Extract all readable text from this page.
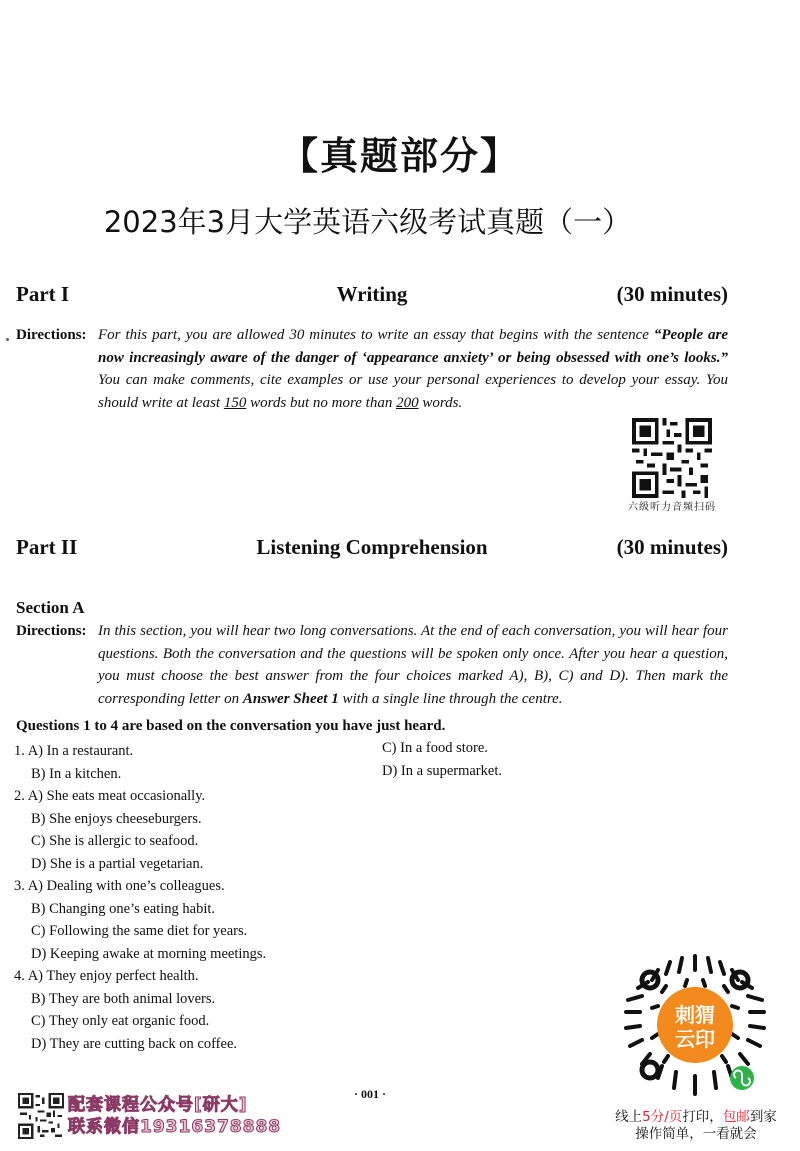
【真题部分】
2023年3月大学英语六级考试真题（一）
Part I	Writing	(30 minutes)
Directions: For this part, you are allowed 30 minutes to write an essay that begins with the sentence “People are now increasingly aware of the danger of ‘appearance anxiety’ or being obsessed with one’s looks.” You can make comments, cite examples or use your personal experiences to develop your essay. You should write at least 150 words but no more than 200 words.
六级听力音频扫码
Part II	Listening Comprehension	(30 minutes)
Section A
Directions: In this section, you will hear two long conversations. At the end of each conversation, you will hear four questions. Both the conversation and the questions will be spoken only once. After you hear a question, you must choose the best answer from the four choices marked A), B), C) and D). Then mark the corresponding letter on Answer Sheet 1 with a single line through the centre.
Questions 1 to 4 are based on the conversation you have just heard.
1. A) In a restaurant.
B) In a kitchen.
2. A) She eats meat occasionally.
B) She enjoys cheeseburgers.
C) She is allergic to seafood.
D) She is a partial vegetarian.
3. A) Dealing with one’s colleagues.
B) Changing one’s eating habit.
C) Following the same diet for years.
D) Keeping awake at morning meetings.
4. A) They enjoy perfect health.
B) They are both animal lovers.
C) They only eat organic food.
D) They are cutting back on coffee.
C) In a food store.
D) In a supermarket.
· 001 ·
配套课程公众号[研大]
联系微信19316378888
刺猬
云印
线上5分/页打印，包邮到家
操作简单，一看就会
